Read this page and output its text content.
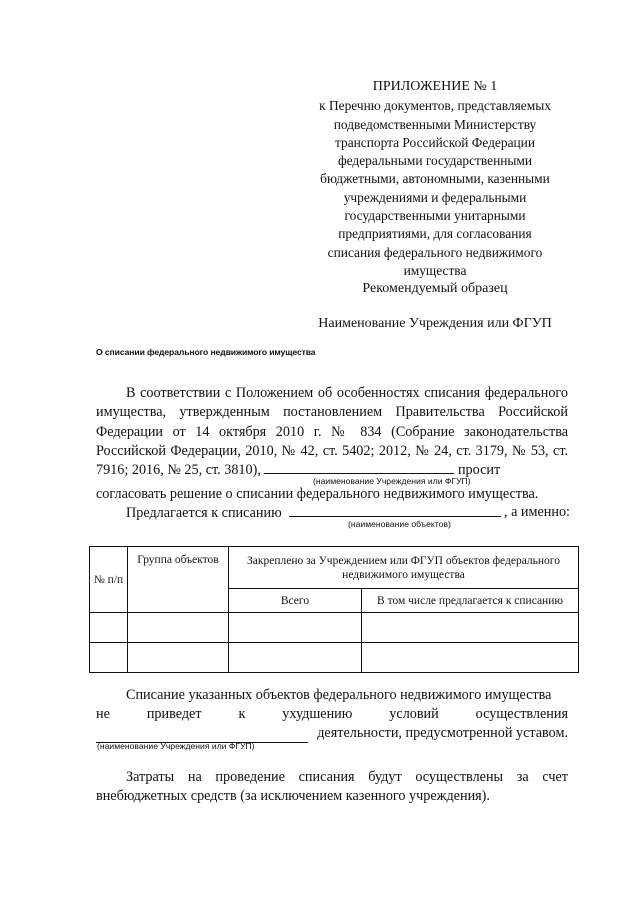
ПРИЛОЖЕНИЕ № 1
к Перечню документов, представляемых
подведомственными Министерству
транспорта Российской Федерации
федеральными государственными
бюджетными, автономными, казенными
учреждениями и федеральными
государственными унитарными
предприятиями, для согласования
списания федерального недвижимого
имущества
Рекомендуемый образец
Наименование Учреждения или ФГУП
О списании федерального недвижимого имущества
В соответствии с Положением об особенностях списания федерального имущества, утвержденным постановлением Правительства Российской Федерации от 14 октября 2010 г. № 834 (Собрание законодательства Российской Федерации, 2010, № 42, ст. 5402; 2012, № 24, ст. 3179, № 53, ст. 7916; 2016, № 25, ст. 3810),	просит
(наименование Учреждения или ФГУП)
согласовать решение о списании федерального недвижимого имущества.
Предлагается к списанию	, а именно:
(наименование объектов)
№ п/п	Группа объектов	Закреплено за Учреждением или ФГУП объектов федерального недвижимого имущества	
		Всего	В том числе предлагается к списанию

Списание указанных объектов федерального недвижимого имущества
не	приведет	к	ухудшению	условий	осуществления
деятельности, предусмотренной уставом.
(наименование Учреждения или ФГУП)
Затраты на проведение списания будут осуществлены за счет внебюджетных средств (за исключением казенного учреждения).
